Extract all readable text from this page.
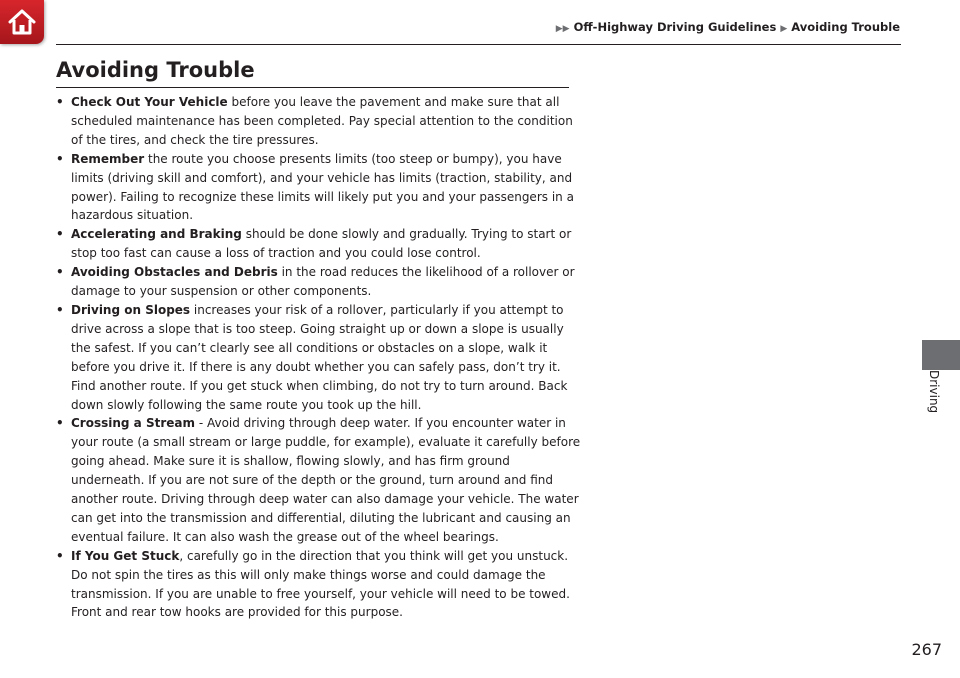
▶▶ Off-Highway Driving Guidelines ▶ Avoiding Trouble
Avoiding Trouble

• Check Out Your Vehicle before you leave the pavement and make sure that all scheduled maintenance has been completed. Pay special attention to the condition of the tires, and check the tire pressures.

• Remember the route you choose presents limits (too steep or bumpy), you have limits (driving skill and comfort), and your vehicle has limits (traction, stability, and power). Failing to recognize these limits will likely put you and your passengers in a hazardous situation.

• Accelerating and Braking should be done slowly and gradually. Trying to start or stop too fast can cause a loss of traction and you could lose control.

• Avoiding Obstacles and Debris in the road reduces the likelihood of a rollover or damage to your suspension or other components.

• Driving on Slopes increases your risk of a rollover, particularly if you attempt to drive across a slope that is too steep. Going straight up or down a slope is usually the safest. If you can’t clearly see all conditions or obstacles on a slope, walk it before you drive it. If there is any doubt whether you can safely pass, don’t try it. Find another route. If you get stuck when climbing, do not try to turn around. Back down slowly following the same route you took up the hill.

• Crossing a Stream - Avoid driving through deep water. If you encounter water in your route (a small stream or large puddle, for example), evaluate it carefully before going ahead. Make sure it is shallow, flowing slowly, and has firm ground underneath. If you are not sure of the depth or the ground, turn around and find another route. Driving through deep water can also damage your vehicle. The water can get into the transmission and differential, diluting the lubricant and causing an eventual failure. It can also wash the grease out of the wheel bearings.

• If You Get Stuck, carefully go in the direction that you think will get you unstuck. Do not spin the tires as this will only make things worse and could damage the transmission. If you are unable to free yourself, your vehicle will need to be towed. Front and rear tow hooks are provided for this purpose.

Driving
267
